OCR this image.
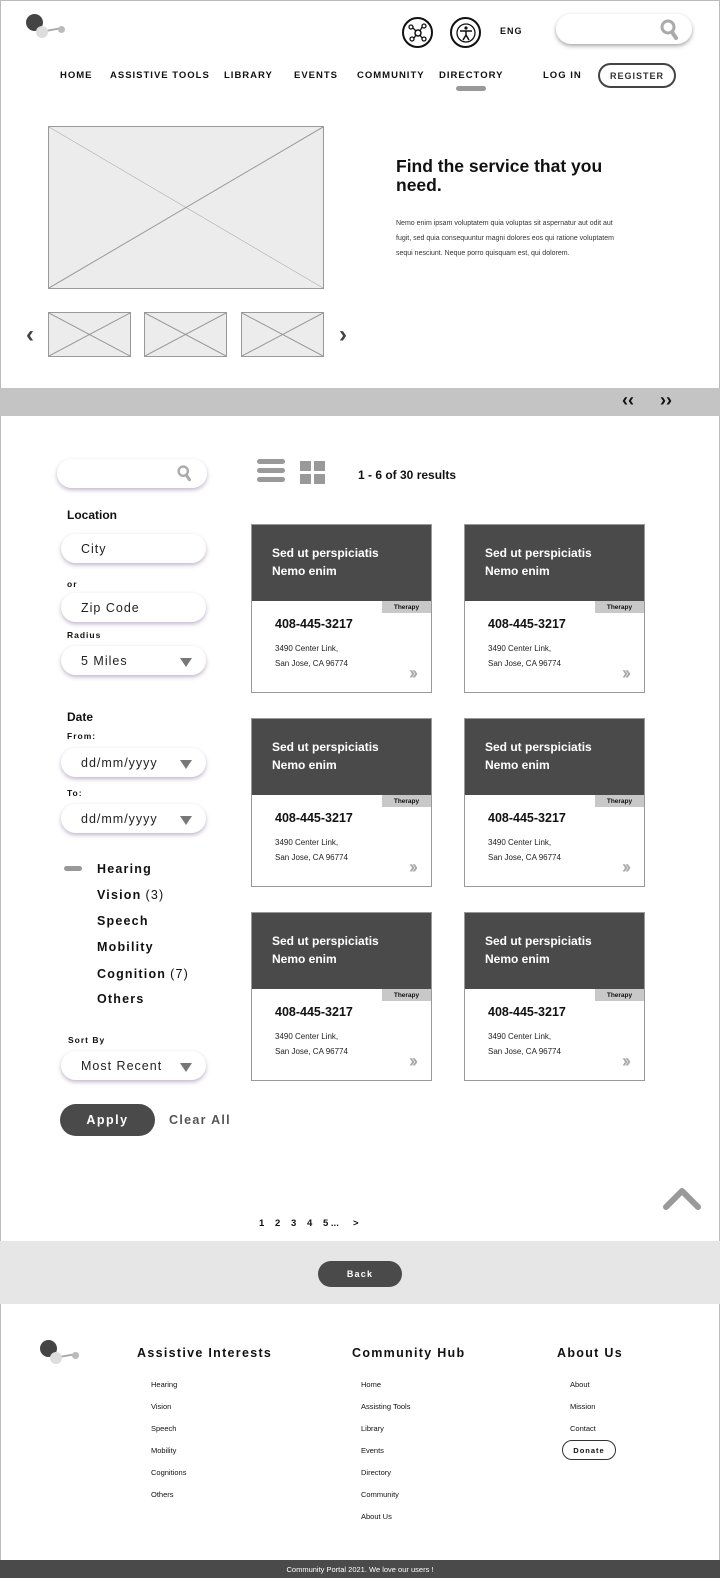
ENG
HOME ASSISTIVE TOOLS LIBRARY EVENTS COMMUNITY DIRECTORY	LOG IN	REGISTER
Find the service that you need.
Nemo enim ipsam voluptatem quia voluptas sit aspernatur aut odit aut fugit, sed quia consequuntur magni dolores eos qui ratione voluptatem sequi nesciunt. Neque porro quisquam est, qui dolorem.
‹	›
‹‹ ››
Location
City
or
Zip Code
Radius
5 Miles
Date
From:
dd/mm/yyyy
To:
dd/mm/yyyy
Hearing
Vision (3)
Speech
Mobility
Cognition (7)
Others
Sort By
Most Recent
Apply	Clear All
1 - 6 of 30 results
Sed ut perspiciatis Nemo enim
Therapy
408-445-3217
3490 Center Link,
San Jose, CA 96774	››
Sed ut perspiciatis Nemo enim
Therapy
408-445-3217
3490 Center Link,
San Jose, CA 96774	››
Sed ut perspiciatis Nemo enim
Therapy
408-445-3217
3490 Center Link,
San Jose, CA 96774	››
Sed ut perspiciatis Nemo enim
Therapy
408-445-3217
3490 Center Link,
San Jose, CA 96774	››
Sed ut perspiciatis Nemo enim
Therapy
408-445-3217
3490 Center Link,
San Jose, CA 96774	››
Sed ut perspiciatis Nemo enim
Therapy
408-445-3217
3490 Center Link,
San Jose, CA 96774	››
1 2 3 4 5 ... >
Back
Assistive Interests
Hearing
Vision
Speech
Mobility
Cognitions
Others
Community Hub
Home
Assisting Tools
Library
Events
Directory
Community
About Us
About Us
About
Mission
Contact
Donate
Community Portal 2021. We love our users !
